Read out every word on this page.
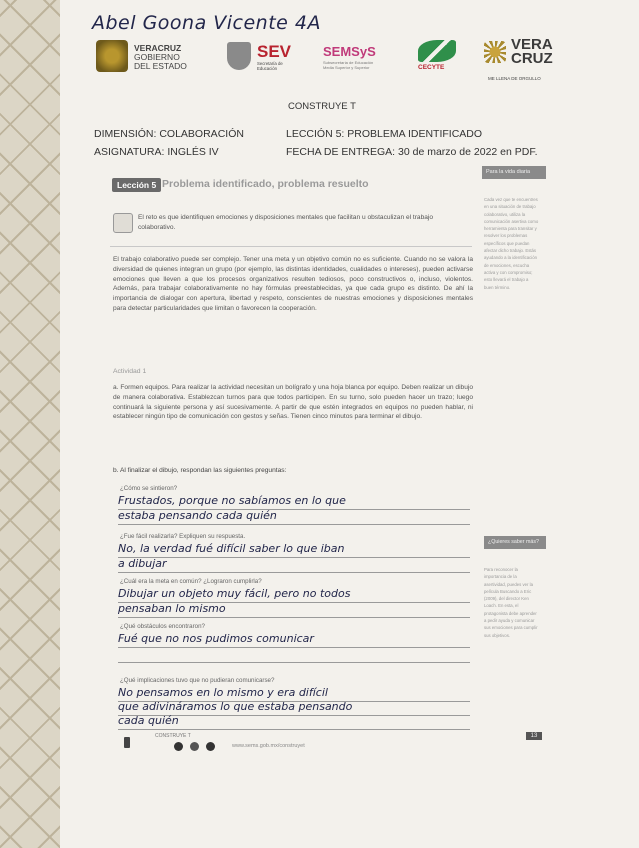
Abel Goona Vicente 4A
VERACRUZ
GOBIERNO
DEL ESTADO
SEV
Secretaría de Educación
SEMSyS
Subsecretaría de Educación Media Superior y Superior	CECYTE
VERA
CRUZ
ME LLENA DE ORGULLO
CONSTRUYE T
DIMENSIÓN: COLABORACIÓN	LECCIÓN 5: PROBLEMA IDENTIFICADO
ASIGNATURA: INGLÉS IV	FECHA DE ENTREGA: 30 de marzo de 2022 en PDF.
Lección 5 Problema identificado, problema resuelto
Para la vida diaria
El reto es que identifiquen emociones y disposiciones mentales que facilitan u obstaculizan el trabajo colaborativo.
El trabajo colaborativo puede ser complejo. Tener una meta y un objetivo común no es suficiente. Cuando no se valora la diversidad de quienes integran un grupo (por ejemplo, las distintas identidades, cualidades o intereses), pueden activarse emociones que lleven a que los procesos organizativos resulten tediosos, poco constructivos o, incluso, violentos. Además, para trabajar colaborativamente no hay fórmulas preestablecidas, ya que cada grupo es distinto. De ahí la importancia de dialogar con apertura, libertad y respeto, conscientes de nuestras emociones y disposiciones mentales para detectar particularidades que limitan o favorecen la cooperación.
Cada vez que te encuentres en una situación de trabajo colaborativo, utiliza la comunicación asertiva como herramienta para transitar y resolver los problemas específicos que puedan afectar dicho trabajo. Estás ayudando a la identificación de emociones, escucha activa y con compromiso; esto llevará el trabajo a buen término.
Actividad 1
a. Formen equipos. Para realizar la actividad necesitan un bolígrafo y una hoja blanca por equipo. Deben realizar un dibujo de manera colaborativa. Establezcan turnos para que todos participen. En su turno, solo pueden hacer un trazo; luego continuará la siguiente persona y así sucesivamente. A partir de que estén integrados en equipos no pueden hablar, ni establecer ningún tipo de comunicación con gestos y señas. Tienen cinco minutos para terminar el dibujo.
b. Al finalizar el dibujo, respondan las siguientes preguntas:
¿Quieres saber más?
Para reconocer la importancia de la asertividad, puedes ver la película Buscando a Eric (2009), del director Ken Loach. En esta, el protagonista debe aprender a pedir ayuda y comunicar sus emociones para cumplir sus objetivos.
¿Cómo se sintieron?
Frustados, porque no sabíamos en lo que
estaba pensando cada quién
¿Fue fácil realizarla? Expliquen su respuesta.
No, la verdad fué difícil saber lo que iban
a dibujar
¿Cuál era la meta en común? ¿Lograron cumplirla?
Dibujar un objeto muy fácil, pero no todos
pensaban lo mismo
¿Qué obstáculos encontraron?
Fué que no nos pudimos comunicar
¿Qué implicaciones tuvo que no pudieran comunicarse?
No pensamos en lo mismo y era difícil
que adivináramos lo que estaba pensando
cada quién
CONSTRUYE T
www.sems.gob.mx/construyet
13
